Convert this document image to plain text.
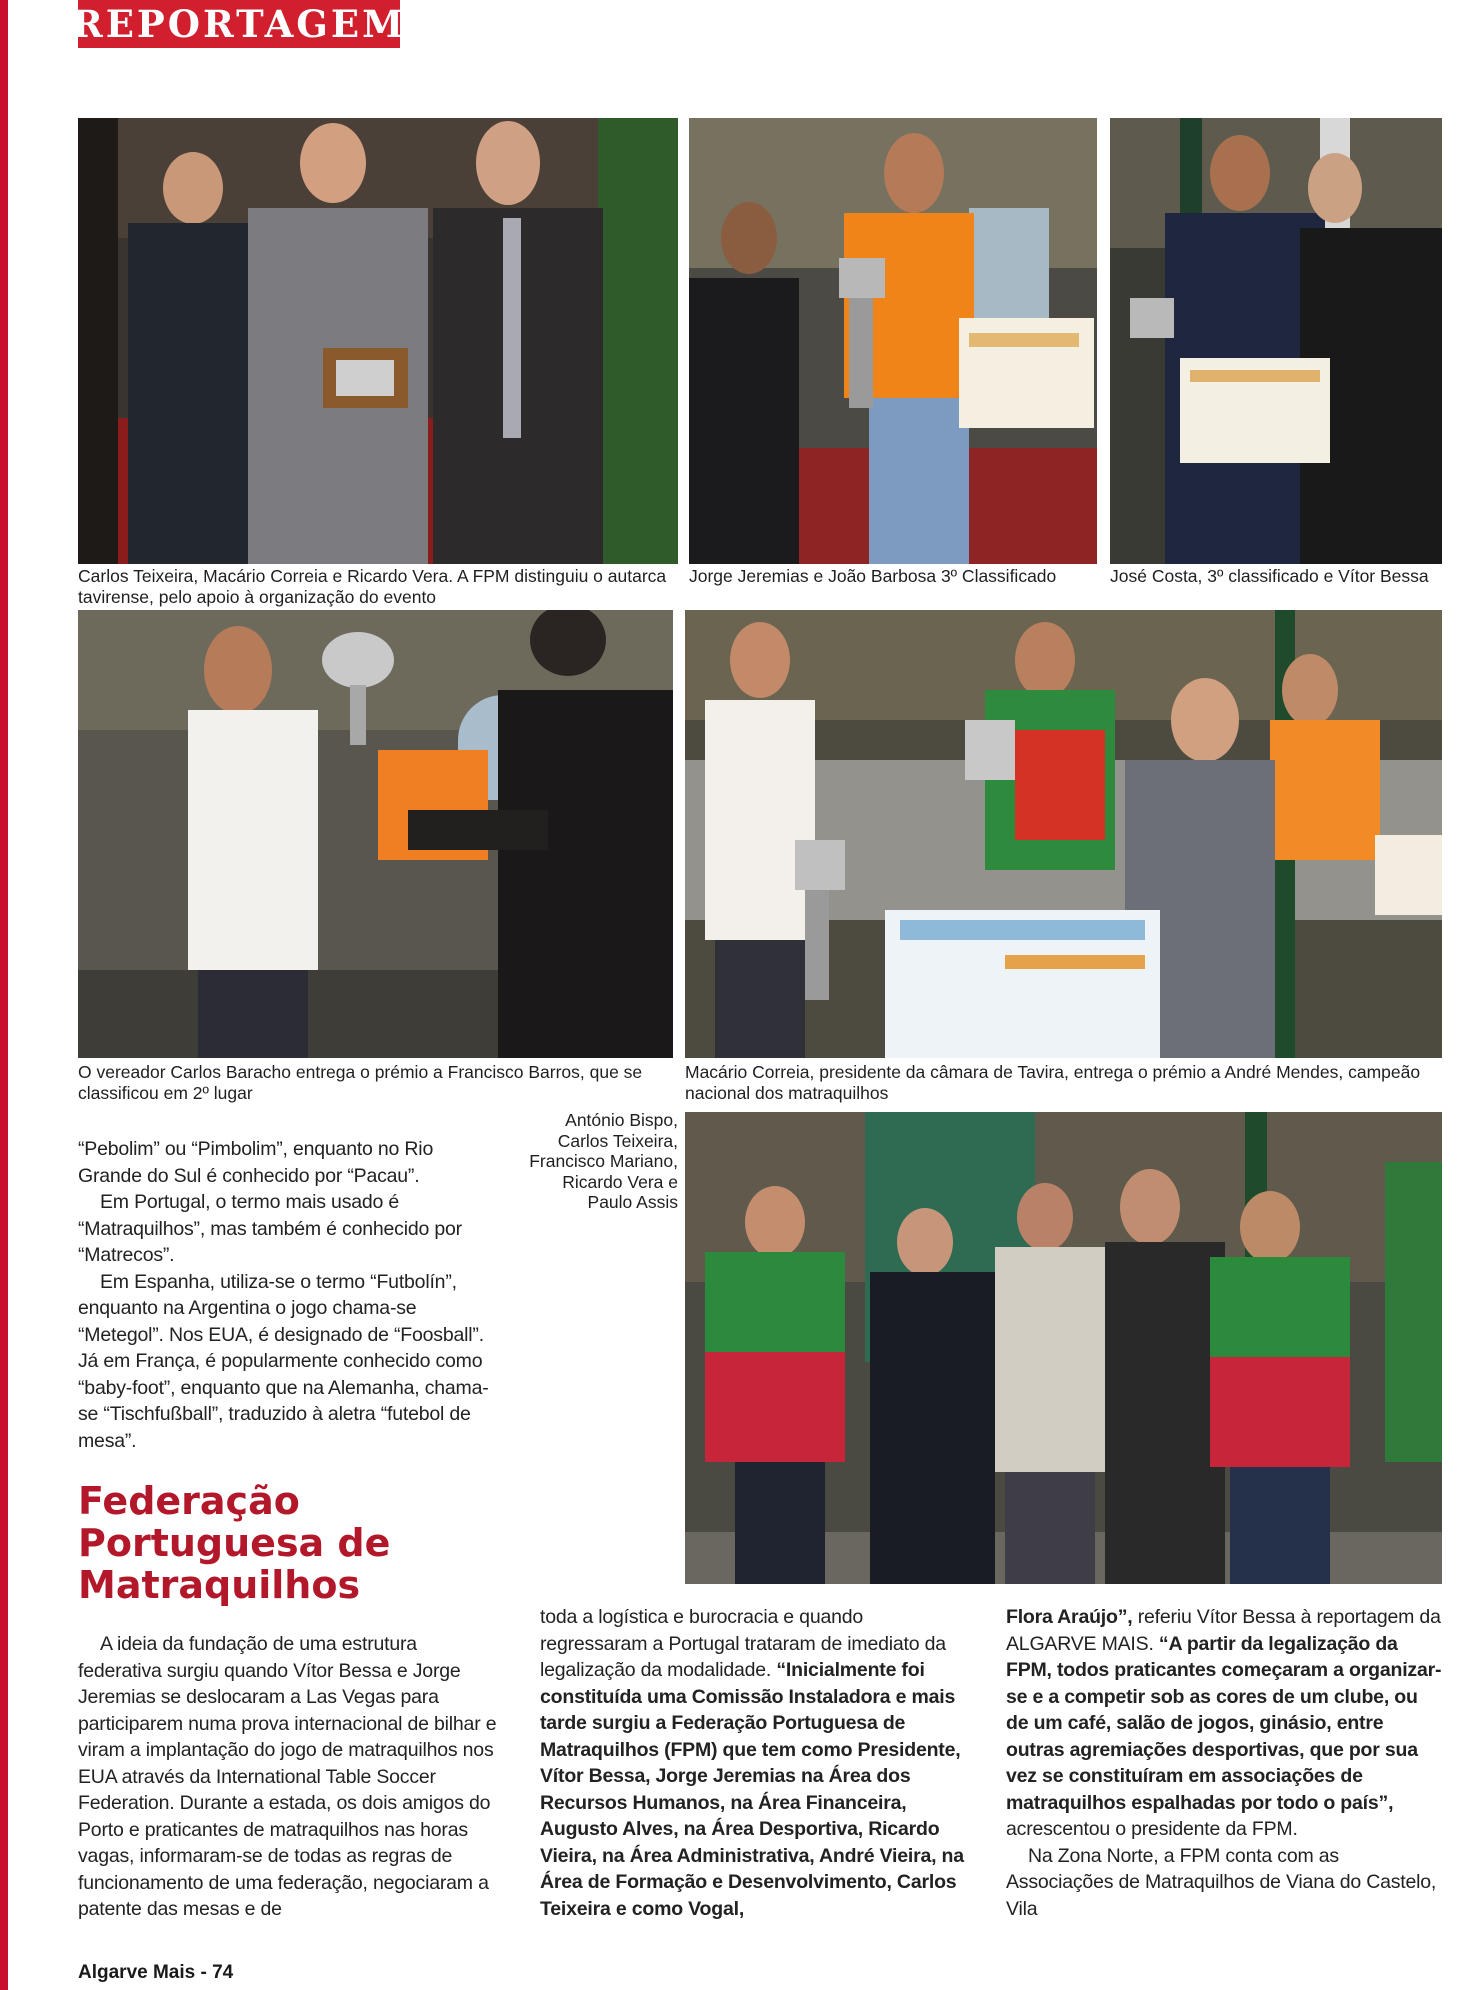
REPORTAGEM
Carlos Teixeira, Macário Correia e Ricardo Vera. A FPM distinguiu o autarca tavirense, pelo apoio à organização do evento
Jorge Jeremias e João Barbosa 3º Classificado	José Costa, 3º classificado e Vítor Bessa
O vereador Carlos Baracho entrega o prémio a Francisco Barros, que se classificou em 2º lugar
Macário Correia, presidente da câmara de Tavira, entrega o prémio a André Mendes, campeão nacional dos matraquilhos
António Bispo, Carlos Teixeira, Francisco Mariano, Ricardo Vera e Paulo Assis

“Pebolim” ou “Pimbolim”, enquanto no Rio Grande do Sul é conhecido por “Pacau”.

Em Portugal, o termo mais usado é “Matraquilhos”, mas também é conhecido por “Matrecos”.

Em Espanha, utiliza-se o termo “Futbolín”, enquanto na Argentina o jogo chama-se “Metegol”. Nos EUA, é designado de “Foosball”. Já em França, é popularmente conhecido como “baby-foot”, enquanto que na Alemanha, chama-se “Tischfußball”, traduzido à aletra “futebol de mesa”.

Federação Portuguesa de Matraquilhos

A ideia da fundação de uma estrutura federativa surgiu quando Vítor Bessa e Jorge Jeremias se deslocaram a Las Vegas para participarem numa prova internacional de bilhar e viram a implantação do jogo de matraquilhos nos EUA através da International Table Soccer Federation. Durante a estada, os dois amigos do Porto e praticantes de matraquilhos nas horas vagas, informaram-se de todas as regras de funcionamento de uma federação, negociaram a patente das mesas e de

toda a logística e burocracia e quando regressaram a Portugal trataram de imediato da legalização da modalidade. “Inicialmente foi constituída uma Comissão Instaladora e mais tarde surgiu a Federação Portuguesa de Matraquilhos (FPM) que tem como Presidente, Vítor Bessa, Jorge Jeremias na Área dos Recursos Humanos, na Área Financeira, Augusto Alves, na Área Desportiva, Ricardo Vieira, na Área Administrativa, André Vieira, na Área de Formação e Desenvolvimento, Carlos Teixeira e como Vogal,

Flora Araújo”, referiu Vítor Bessa à reportagem da ALGARVE MAIS. “A partir da legalização da FPM, todos praticantes começaram a organizar-se e a competir sob as cores de um clube, ou de um café, salão de jogos, ginásio, entre outras agremiações desportivas, que por sua vez se constituíram em associações de matraquilhos espalhadas por todo o país”, acrescentou o presidente da FPM.

Na Zona Norte, a FPM conta com as Associações de Matraquilhos de Viana do Castelo, Vila

Algarve Mais - 74
